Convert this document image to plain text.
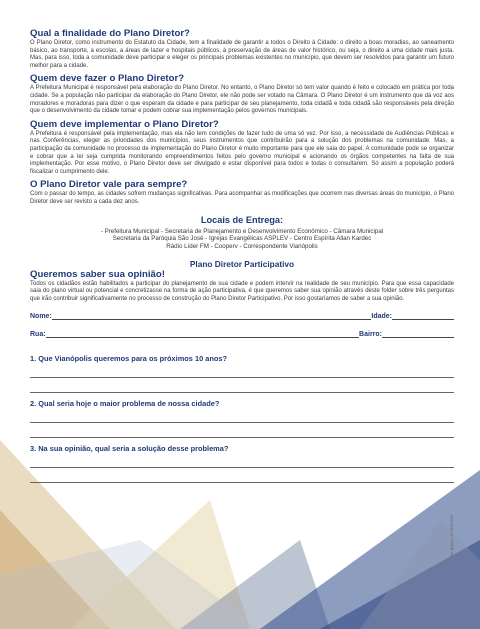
Qual a finalidade do Plano Diretor?

O Plano Diretor, como instrumento do Estatuto da Cidade, tem a finalidade de garantir a todos o Direito à Cidade: o direito a boas moradias, ao saneamento básico, ao transporte, a escolas, a áreas de lazer e hospitais públicos, à preservação de áreas de valor histórico, ou seja, o direito a uma cidade mais justa. Mas, para isso, toda a comunidade deve participar e eleger os principais problemas existentes no município, que devem ser resolvidos para garantir um futuro melhor para a cidade.

Quem deve fazer o Plano Diretor?

A Prefeitura Municipal é responsável pela elaboração do Plano Diretor. No entanto, o Plano Diretor só tem valor quando é feito e colocado em prática por toda cidade. Se a população não participar da elaboração do Plano Diretor, ele não pode ser votado na Câmara. O Plano Diretor é um instrumento que dá voz aos moradores e moradoras para dizer o que esperam da cidade e para participar de seu planejamento, toda cidadã e toda cidadã são responsáveis pela direção que o desenvolvimento da cidade tomar e podem cobrar sua implementação pelos governos municipais.

Quem deve implementar o Plano Diretor?

A Prefeitura é responsável pela implementação, mas ela não tem condições de fazer tudo de uma só vez. Por isso, a necessidade de Audiências Públicas e nas Conferências, eleger as prioridades dos municípios, seus instrumentos que contribuirão para a solução dos problemas na comunidade. Mas, a participação da comunidade no processo de implementação do Plano Diretor é muito importante para que ele saia do papel. A comunidade pode se organizar e cobrar que a lei seja cumprida monitorando empreendimentos feitos pelo governo municipal e acionando os órgãos competentes na falta de sua implementação. Por esse motivo, o Plano Diretor deve ser divulgado e estar disponível para todos e todas o consultarem. Só assim a população poderá fiscalizar o cumprimento dele.

O Plano Diretor vale para sempre?

Com o passar do tempo, as cidades sofrem mudanças significativas. Para acompanhar as modificações que ocorrem nas diversas áreas do município, o Plano Diretor deve ser revisto a cada dez anos.

Locais de Entrega:
- Prefeitura Municipal - Secretaria de Planejamento e Desenvolvimento Econômico - Câmara Municipal
Secretaria da Paróquia São José - Igrejas Evangélicas ASPLEV - Centro Espírita Allan Kardec
Rádio Líder FM - Cooperv - Correspondente Vianópolis
Plano Diretor Participativo
Queremos saber sua opinião!

Todos os cidadãos estão habilitados a participar do planejamento de sua cidade e podem intervir na realidade de seu município. Para que essa capacidade saia do plano virtual ou potencial e concretizasse na forma de ação participativa, é que queremos saber sua opinião através deste folder sobre três perguntas que irão contribuir significativamente no processo de construção do Plano Diretor Participativo. Por isso gostaríamos de saber a sua opinião.

Nome:	Idade:
Rua:	Bairro:
1. Que Vianópolis queremos para os próximos 10 anos?
2. Qual seria hoje o maior problema de nossa cidade?
3. Na sua opinião, qual seria a solução desse problema?
tec gráfica • 43 3028-0000
